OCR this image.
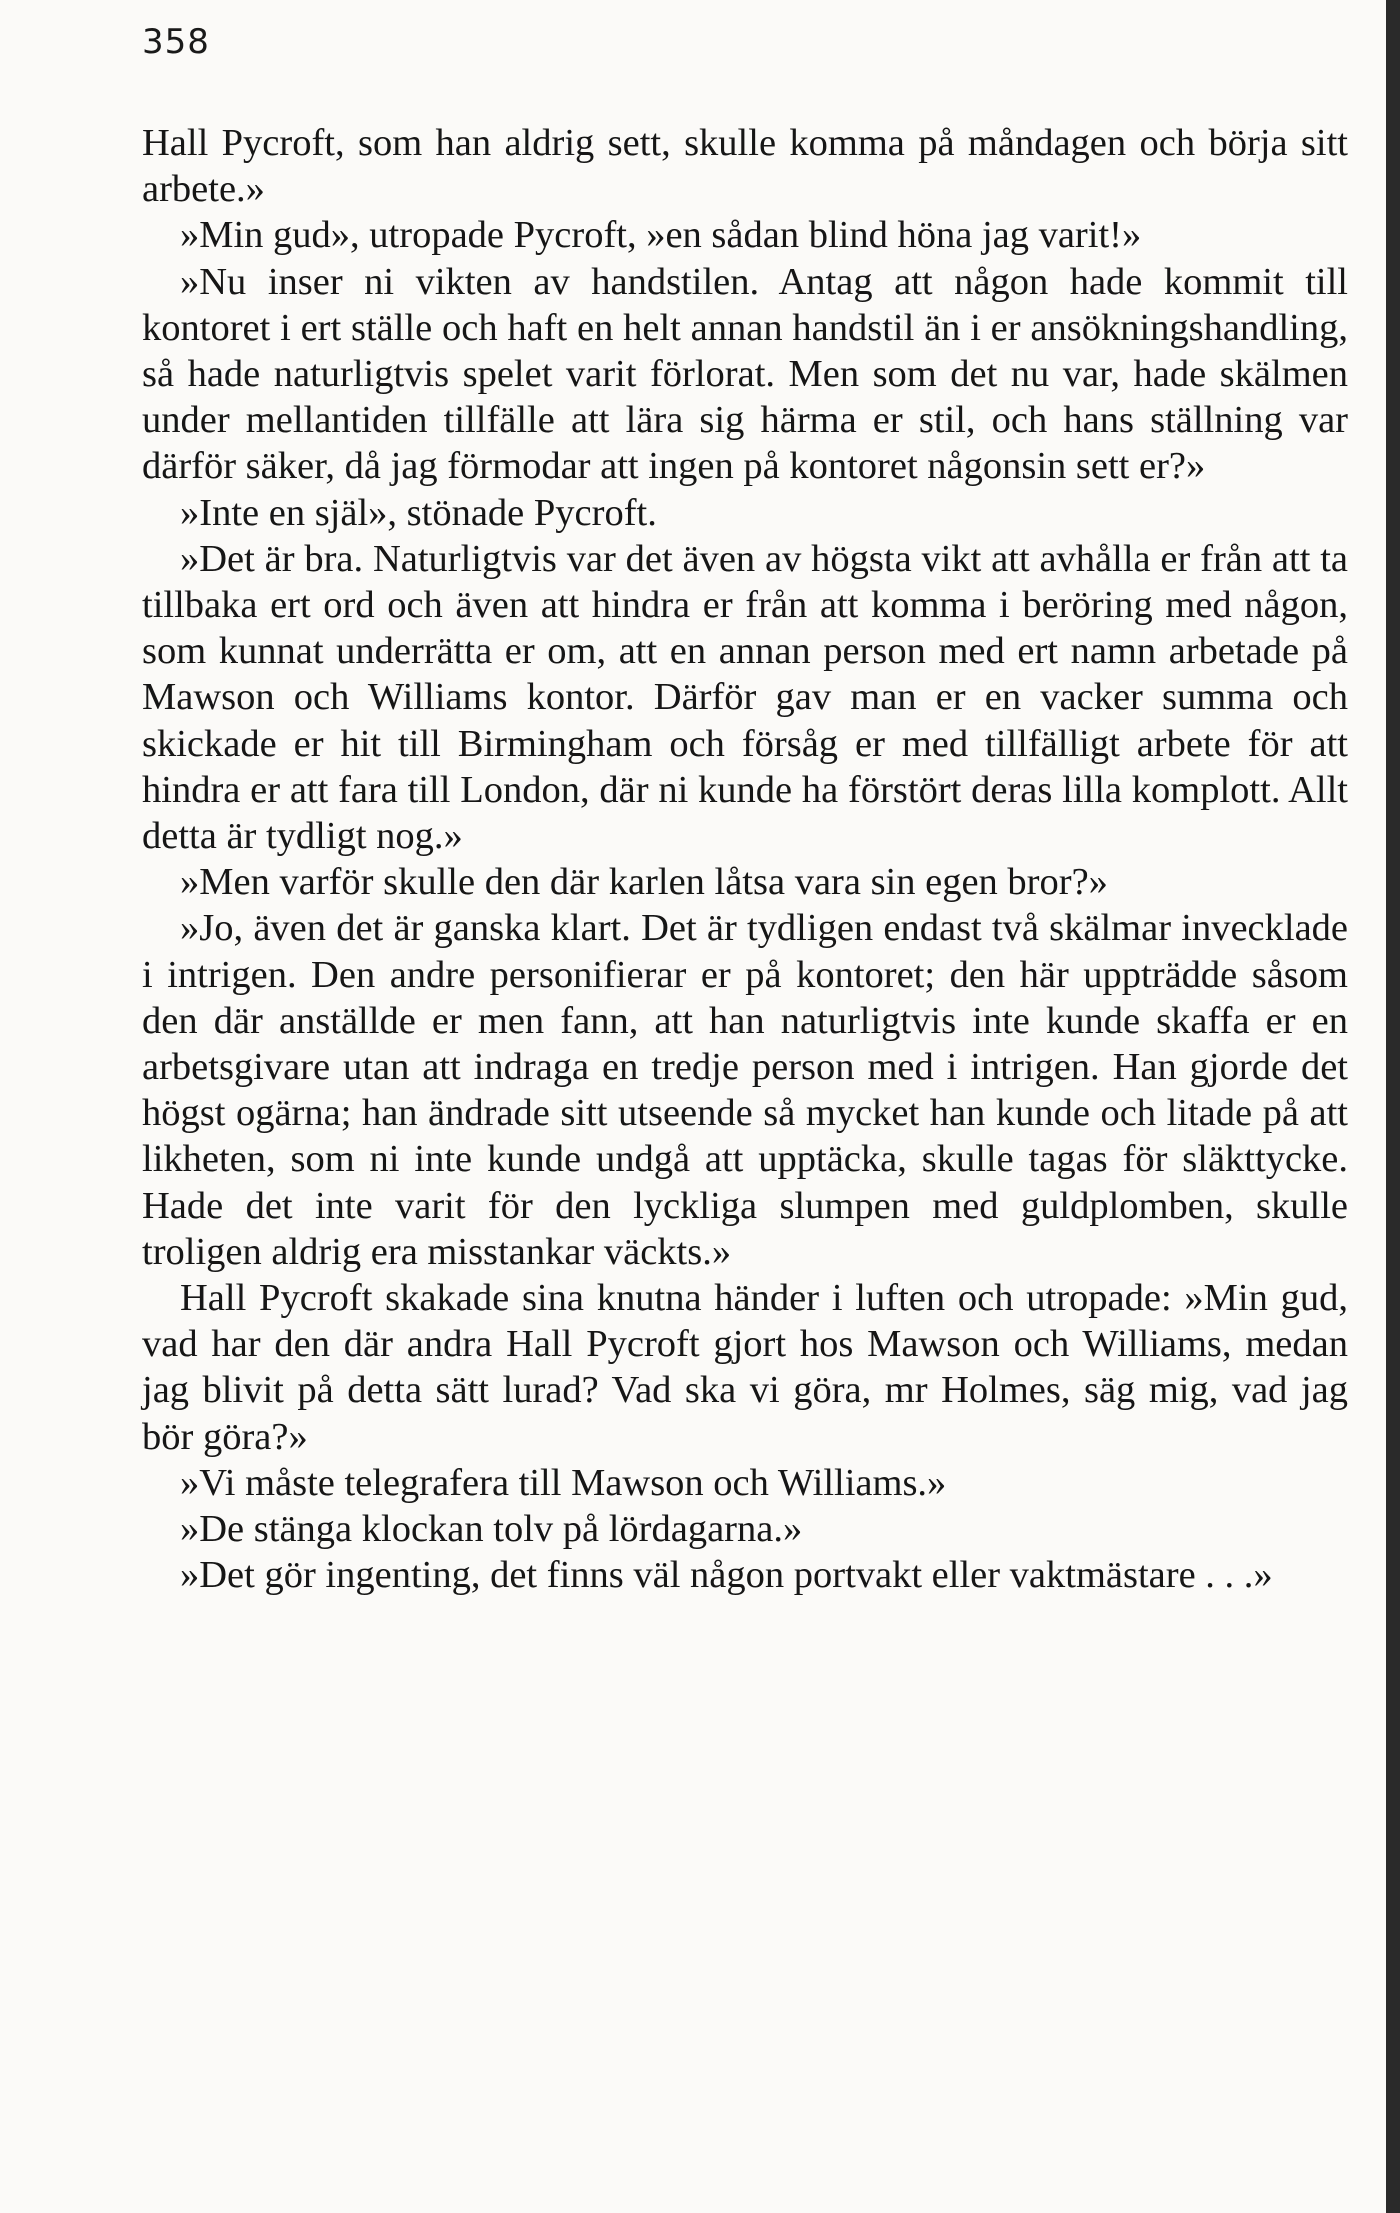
358

Hall Pycroft, som han aldrig sett, skulle komma på måndagen och börja sitt arbete.»

»Min gud», utropade Pycroft, »en sådan blind höna jag varit!»

»Nu inser ni vikten av handstilen. Antag att någon hade kommit till kontoret i ert ställe och haft en helt annan handstil än i er ansökningshandling, så hade naturligtvis spelet varit förlorat. Men som det nu var, hade skälmen under mellantiden tillfälle att lära sig härma er stil, och hans ställning var därför säker, då jag förmodar att ingen på kontoret någonsin sett er?»

»Inte en själ», stönade Pycroft.

»Det är bra. Naturligtvis var det även av högsta vikt att avhålla er från att ta tillbaka ert ord och även att hindra er från att komma i beröring med någon, som kunnat underrätta er om, att en annan person med ert namn arbetade på Mawson och Williams kontor. Därför gav man er en vacker summa och skickade er hit till Birmingham och försåg er med tillfälligt arbete för att hindra er att fara till London, där ni kunde ha förstört deras lilla komplott. Allt detta är tydligt nog.»

»Men varför skulle den där karlen låtsa vara sin egen bror?»

»Jo, även det är ganska klart. Det är tydligen endast två skälmar invecklade i intrigen. Den andre personifierar er på kontoret; den här uppträdde såsom den där anställde er men fann, att han naturligtvis inte kunde skaffa er en arbetsgivare utan att indraga en tredje person med i intrigen. Han gjorde det högst ogärna; han ändrade sitt utseende så mycket han kunde och litade på att likheten, som ni inte kunde undgå att upptäcka, skulle tagas för släkttycke. Hade det inte varit för den lyckliga slumpen med guldplomben, skulle troligen aldrig era misstankar väckts.»

Hall Pycroft skakade sina knutna händer i luften och utropade: »Min gud, vad har den där andra Hall Pycroft gjort hos Mawson och Williams, medan jag blivit på detta sätt lurad? Vad ska vi göra, mr Holmes, säg mig, vad jag bör göra?»

»Vi måste telegrafera till Mawson och Williams.»

»De stänga klockan tolv på lördagarna.»

»Det gör ingenting, det finns väl någon portvakt eller vaktmästare . . .»
